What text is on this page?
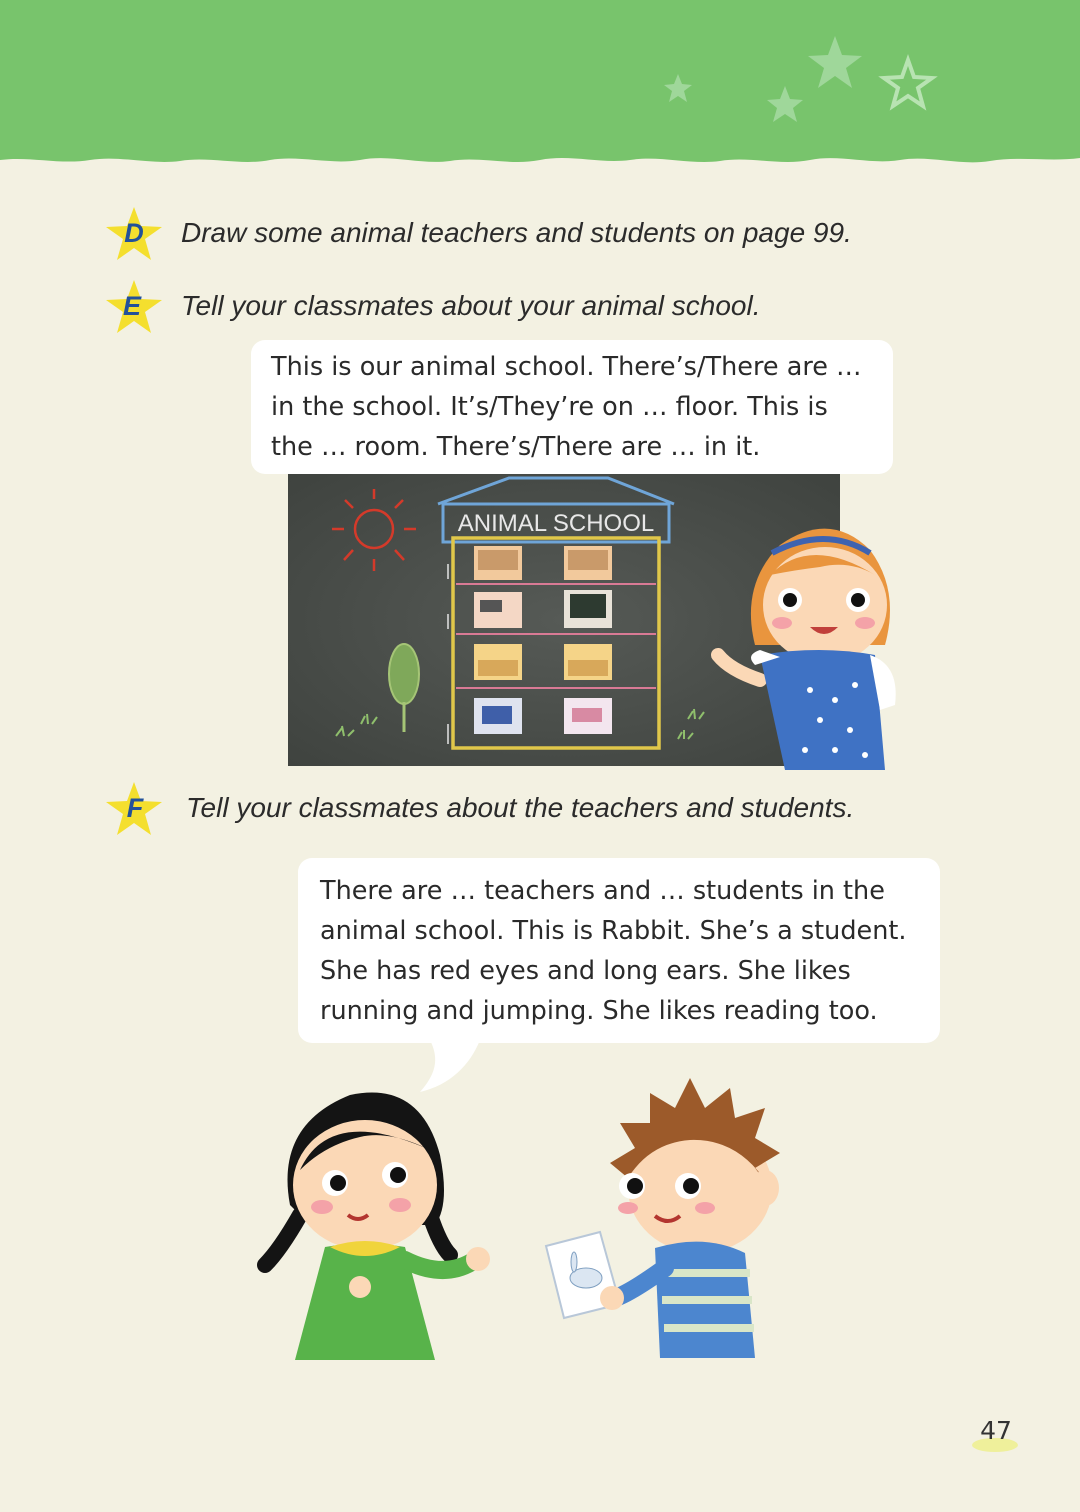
D	Draw some animal teachers and students on page 99.
E	Tell your classmates about your animal school.

This is our animal school. There’s/There are …

in the school. It’s/They’re on … floor. This is

the … room. There’s/There are … in it.

ANIMAL SCHOOL
F	Tell your classmates about the teachers and students.

There are … teachers and … students in the

animal school. This is Rabbit. She’s a student.

She has red eyes and long ears. She likes

running and jumping. She likes reading too.

47
